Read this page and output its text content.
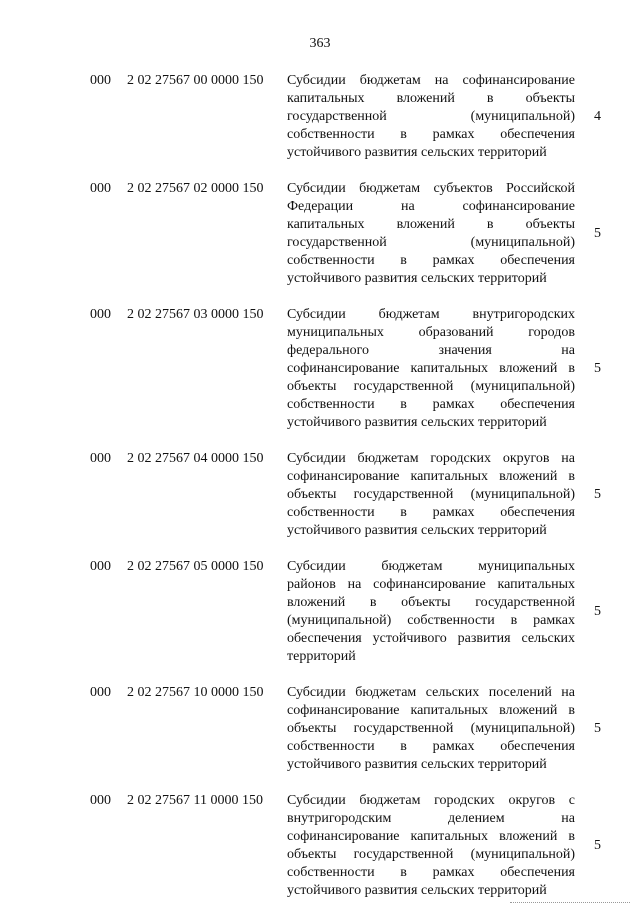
363
000	2 02 27567 00 0000 150	Субсидии бюджетам на софинансирование
капитальных вложений в объекты
государственной (муниципальной)
собственности в рамках обеспечения
устойчивого развития сельских территорий
4
000	2 02 27567 02 0000 150	Субсидии бюджетам субъектов Российской
Федерации на софинансирование
капитальных вложений в объекты
государственной (муниципальной)
собственности в рамках обеспечения
устойчивого развития сельских территорий
5
000	2 02 27567 03 0000 150	Субсидии бюджетам внутригородских
муниципальных образований городов
федерального значения на
софинансирование капитальных вложений в
объекты государственной (муниципальной)
собственности в рамках обеспечения
устойчивого развития сельских территорий
5
000	2 02 27567 04 0000 150	Субсидии бюджетам городских округов на
софинансирование капитальных вложений в
объекты государственной (муниципальной)
собственности в рамках обеспечения
устойчивого развития сельских территорий
5
000	2 02 27567 05 0000 150	Субсидии бюджетам муниципальных
районов на софинансирование капитальных
вложений в объекты государственной
(муниципальной) собственности в рамках
обеспечения устойчивого развития сельских
территорий
5
000	2 02 27567 10 0000 150	Субсидии бюджетам сельских поселений на
софинансирование капитальных вложений в
объекты государственной (муниципальной)
собственности в рамках обеспечения
устойчивого развития сельских территорий
5
000	2 02 27567 11 0000 150	Субсидии бюджетам городских округов с
внутригородским делением на
софинансирование капитальных вложений в
объекты государственной (муниципальной)
собственности в рамках обеспечения
устойчивого развития сельских территорий
5
